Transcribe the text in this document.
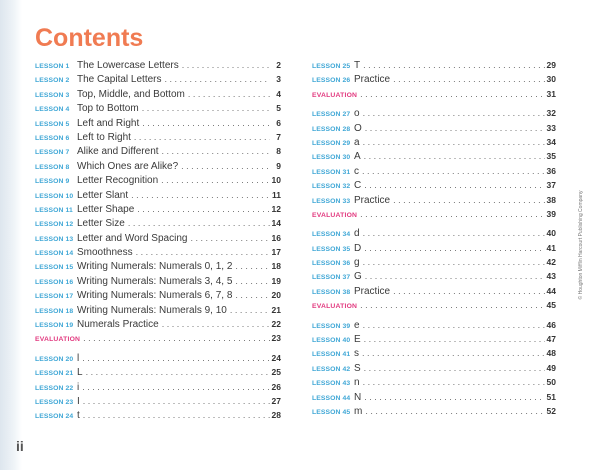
Contents
LESSON 1 The Lowercase Letters . . .	2
LESSON 2 The Capital Letters . . .	3
LESSON 3 Top, Middle, and Bottom . . .	4
LESSON 4 Top to Bottom . . .	5
LESSON 5 Left and Right . . .	6
LESSON 6 Left to Right . . .	7
LESSON 7 Alike and Different . . .	8
LESSON 8 Which Ones are Alike? . . .	9
LESSON 9 Letter Recognition . . .	10
LESSON 10 Letter Slant . . .	11
LESSON 11 Letter Shape . . .	12
LESSON 12 Letter Size . . .	14
LESSON 13 Letter and Word Spacing . . .	16
LESSON 14 Smoothness . . .	17
LESSON 15 Writing Numerals: Numerals 0, 1, 2 . . .	18
LESSON 16 Writing Numerals: Numerals 3, 4, 5 . . .	19
LESSON 17 Writing Numerals: Numerals 6, 7, 8 . . .	20
LESSON 18 Writing Numerals: Numerals 9, 10 . . .	21
LESSON 19 Numerals Practice . . .	22
EVALUATION . . .	23
LESSON 20 l . . .	24
LESSON 21 L . . .	25
LESSON 22 i . . .	26
LESSON 23 I . . .	27
LESSON 24 t . . .	28
LESSON 25 T . . .	29
LESSON 26 Practice . . .	30
EVALUATION . . .	31
LESSON 27 o . . .	32
LESSON 28 O . . .	33
LESSON 29 a . . .	34
LESSON 30 A . . .	35
LESSON 31 c . . .	36
LESSON 32 C . . .	37
LESSON 33 Practice . . .	38
EVALUATION . . .	39
LESSON 34 d . . .	40
LESSON 35 D . . .	41
LESSON 36 g . . .	42
LESSON 37 G . . .	43
LESSON 38 Practice . . .	44
EVALUATION . . .	45
LESSON 39 e . . .	46
LESSON 40 E . . .	47
LESSON 41 s . . .	48
LESSON 42 S . . .	49
LESSON 43 n . . .	50
LESSON 44 N . . .	51
LESSON 45 m . . .	52
© Houghton Mifflin Harcourt Publishing Company
ii
